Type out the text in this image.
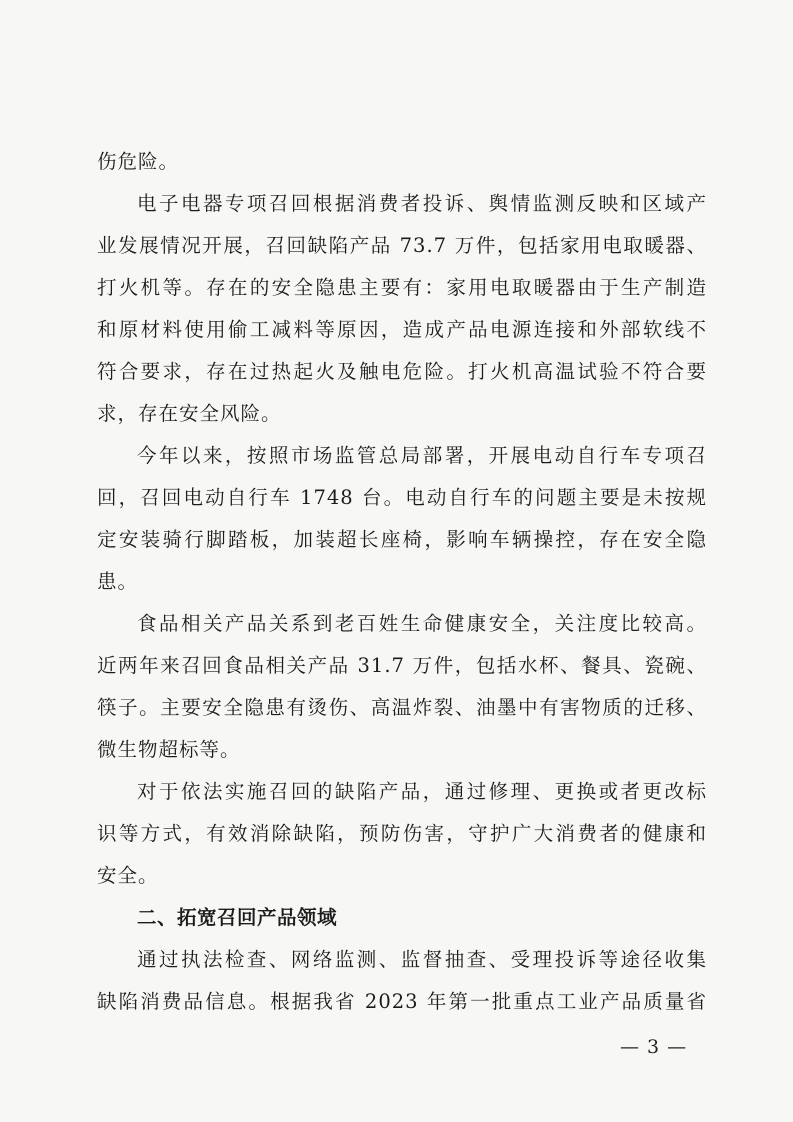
伤危险。
电子电器专项召回根据消费者投诉、舆情监测反映和区域产
业发展情况开展，召回缺陷产品 73.7 万件，包括家用电取暖器、
打火机等。存在的安全隐患主要有：家用电取暖器由于生产制造
和原材料使用偷工减料等原因，造成产品电源连接和外部软线不
符合要求，存在过热起火及触电危险。打火机高温试验不符合要
求，存在安全风险。
今年以来，按照市场监管总局部署，开展电动自行车专项召
回，召回电动自行车 1748 台。电动自行车的问题主要是未按规
定安装骑行脚踏板，加装超长座椅，影响车辆操控，存在安全隐
患。
食品相关产品关系到老百姓生命健康安全，关注度比较高。
近两年来召回食品相关产品 31.7 万件，包括水杯、餐具、瓷碗、
筷子。主要安全隐患有烫伤、高温炸裂、油墨中有害物质的迁移、
微生物超标等。
对于依法实施召回的缺陷产品，通过修理、更换或者更改标
识等方式，有效消除缺陷，预防伤害，守护广大消费者的健康和
安全。
二、拓宽召回产品领域
通过执法检查、网络监测、监督抽查、受理投诉等途径收集
缺陷消费品信息。根据我省 2023 年第一批重点工业产品质量省
— 3 —
